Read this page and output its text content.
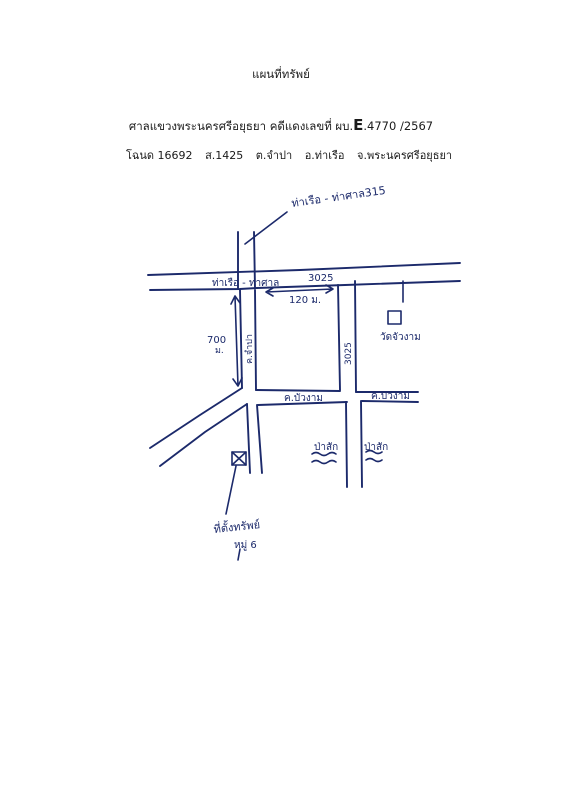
แผนที่ทรัพย์
ศาลแขวงพระนครศรีอยุธยา คดีแดงเลขที่ ผบ.E.4770 /2567
โฉนด 16692 ส.1425 ต.จำปา อ.ท่าเรือ จ.พระนครศรีอยุธยา
ท่าเรือ - ท่าศาล315
ท่าเรือ - ท่าศาล	3025
120 ม.
700
ม. ค.จำปา	3025
วัดจัวงาม
ค.บัวงาม	ค.บัวงาม
ป่าสัก	ป่าสัก
ที่ตั้งทรัพย์
หมู่ 6
